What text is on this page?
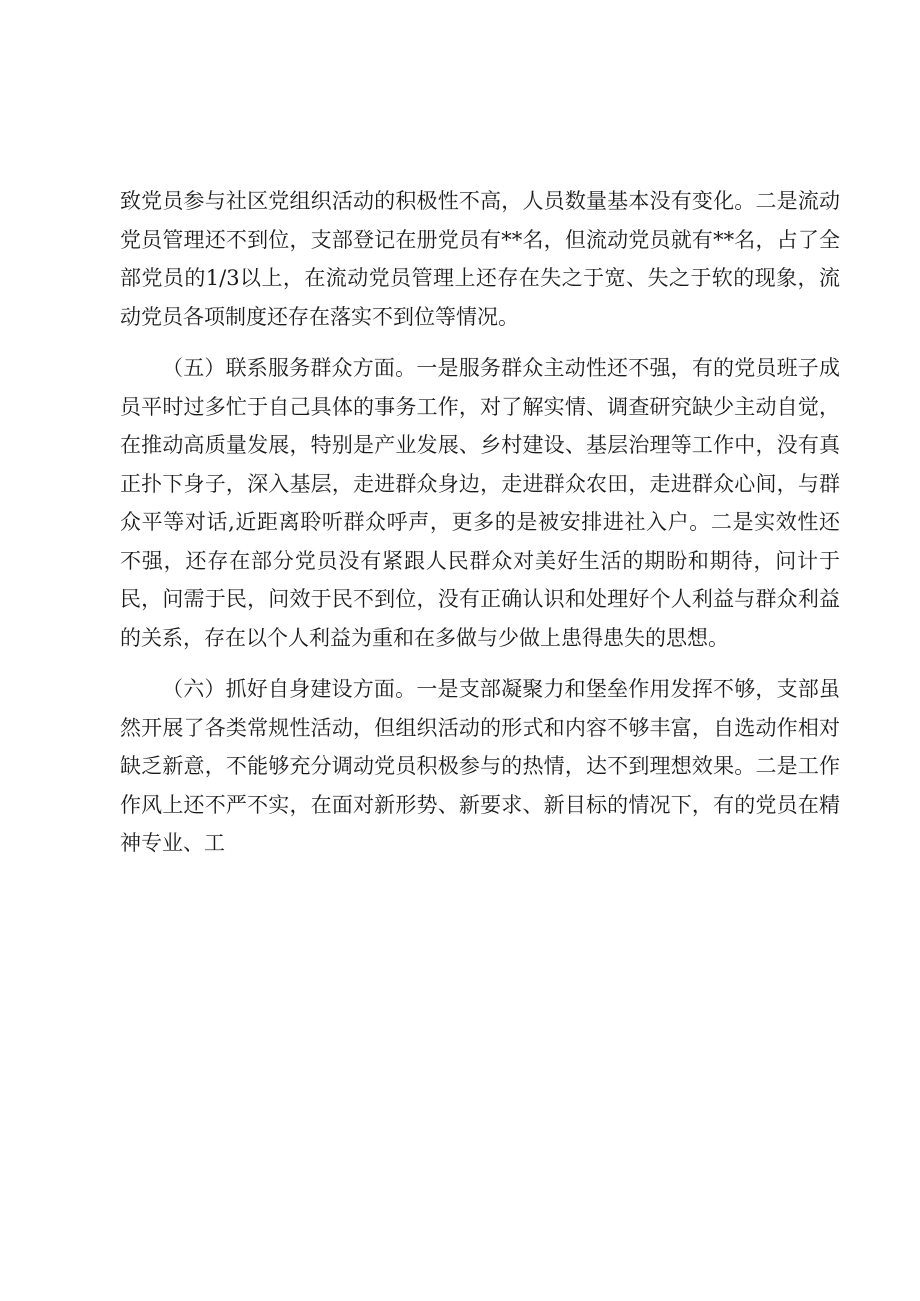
致党员参与社区党组织活动的积极性不高，人员数量基本没有变化。二是流动党员管理还不到位，支部登记在册党员有**名，但流动党员就有**名，占了全部党员的1/3以上，在流动党员管理上还存在失之于宽、失之于软的现象，流动党员各项制度还存在落实不到位等情况。

（五）联系服务群众方面。一是服务群众主动性还不强，有的党员班子成员平时过多忙于自己具体的事务工作，对了解实情、调查研究缺少主动自觉，在推动高质量发展，特别是产业发展、乡村建设、基层治理等工作中，没有真正扑下身子，深入基层，走进群众身边，走进群众农田，走进群众心间，与群众平等对话,近距离聆听群众呼声，更多的是被安排进社入户。二是实效性还不强，还存在部分党员没有紧跟人民群众对美好生活的期盼和期待，问计于民，问需于民，问效于民不到位，没有正确认识和处理好个人利益与群众利益的关系，存在以个人利益为重和在多做与少做上患得患失的思想。

（六）抓好自身建设方面。一是支部凝聚力和堡垒作用发挥不够，支部虽然开展了各类常规性活动，但组织活动的形式和内容不够丰富，自选动作相对缺乏新意，不能够充分调动党员积极参与的热情，达不到理想效果。二是工作作风上还不严不实，在面对新形势、新要求、新目标的情况下，有的党员在精神专业、工
